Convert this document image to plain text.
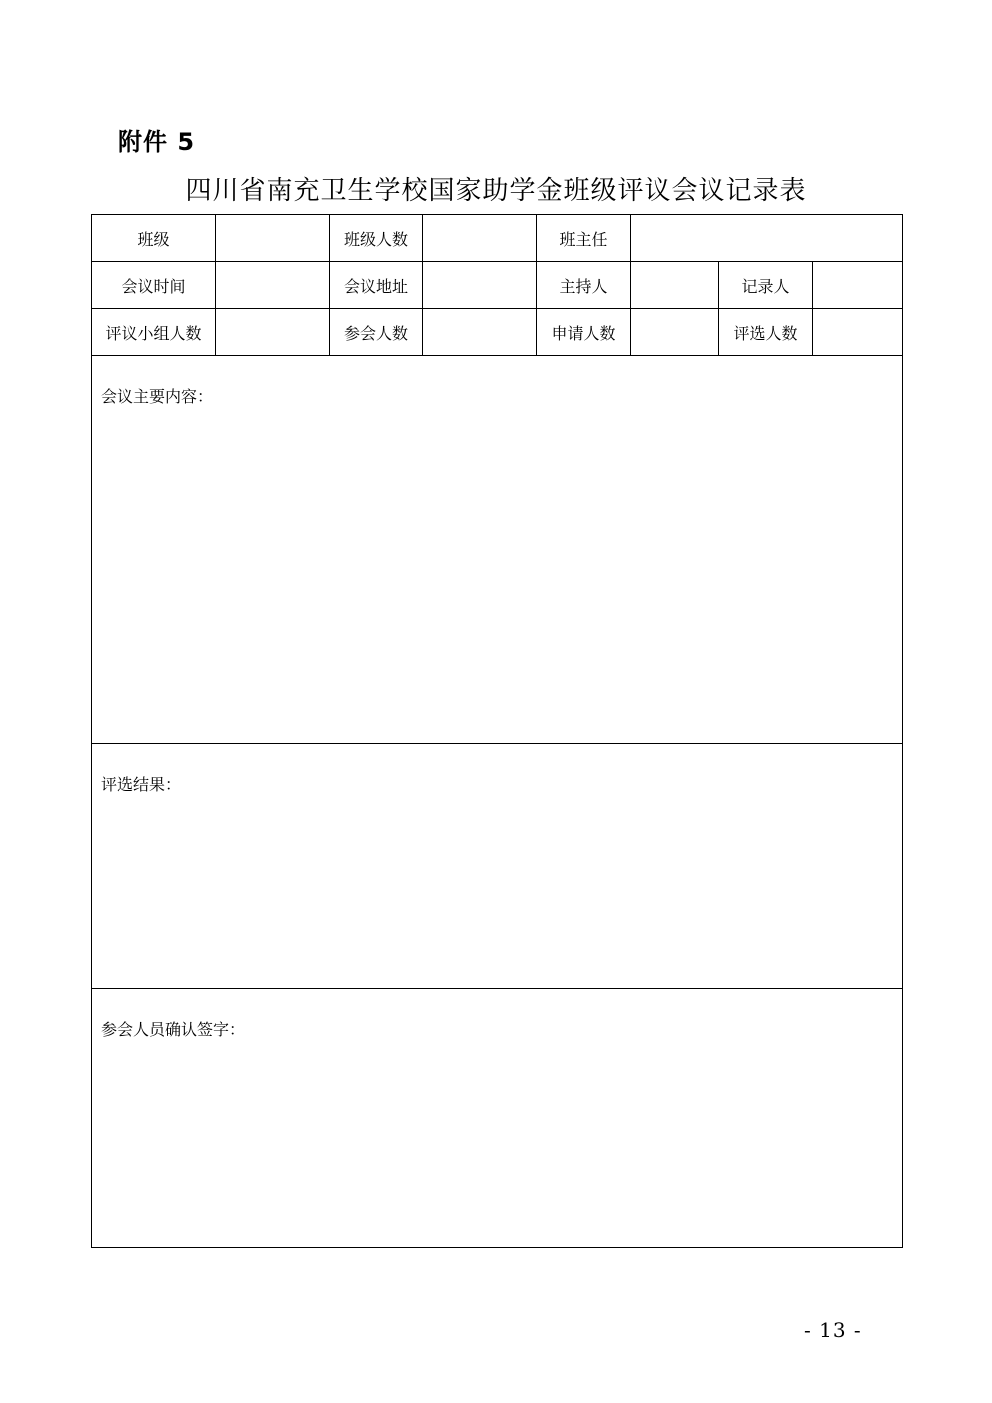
附件 5
四川省南充卫生学校国家助学金班级评议会议记录表
班级		班级人数		班主任			
会议时间		会议地址		主持人		记录人	
评议小组人数		参会人数		申请人数		评选人数	
会议主要内容：							
评选结果：							
参会人员确认签字：							
- 13 -
